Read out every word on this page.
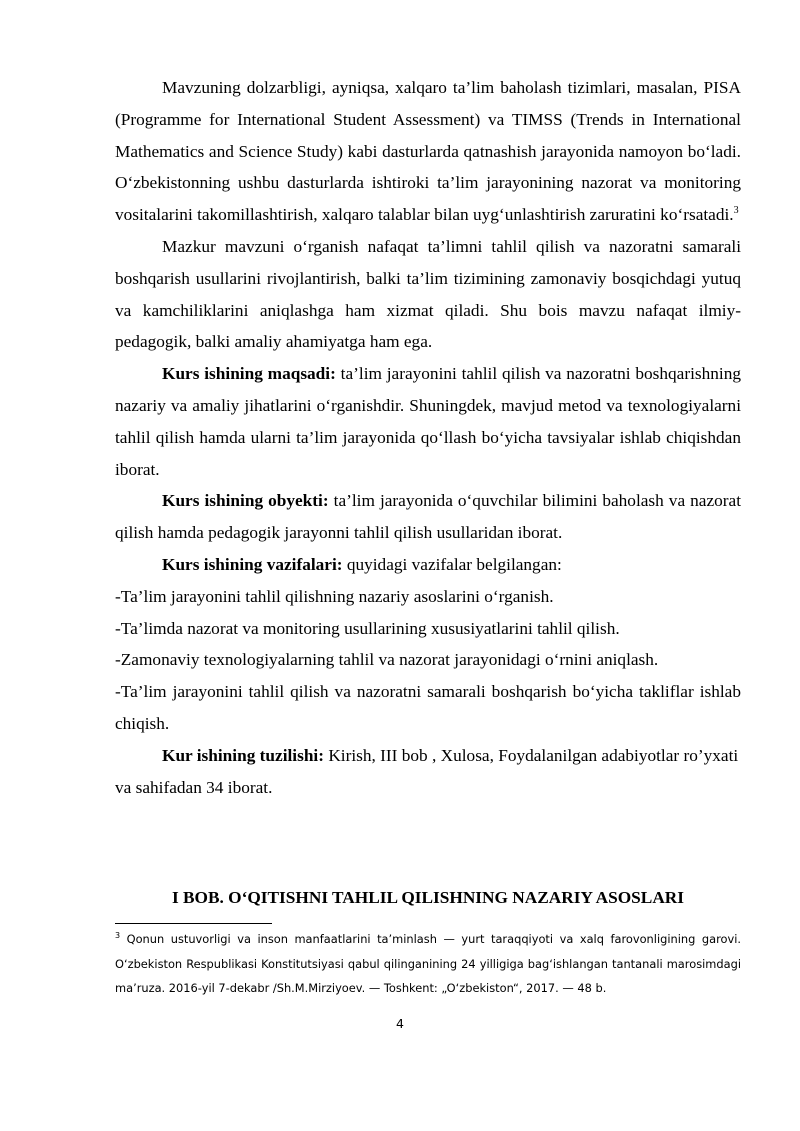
Mavzuning dolzarbligi, ayniqsa, xalqaro ta’lim baholash tizimlari, masalan, PISA (Programme for International Student Assessment) va TIMSS (Trends in International Mathematics and Science Study) kabi dasturlarda qatnashish jarayonida namoyon bo‘ladi. O‘zbekistonning ushbu dasturlarda ishtiroki ta’lim jarayonining nazorat va monitoring vositalarini takomillashtirish, xalqaro talablar bilan uyg‘unlashtirish zaruratini ko‘rsatadi.$^3$

Mazkur mavzuni o‘rganish nafaqat ta’limni tahlil qilish va nazoratni samarali boshqarish usullarini rivojlantirish, balki ta’lim tizimining zamonaviy bosqichdagi yutuq va kamchiliklarini aniqlashga ham xizmat qiladi. Shu bois mavzu nafaqat ilmiy-pedagogik, balki amaliy ahamiyatga ham ega.

Kurs ishining maqsadi: ta’lim jarayonini tahlil qilish va nazoratni boshqarishning nazariy va amaliy jihatlarini o‘rganishdir. Shuningdek, mavjud metod va texnologiyalarni tahlil qilish hamda ularni ta’lim jarayonida qo‘llash bo‘yicha tavsiyalar ishlab chiqishdan iborat.

Kurs ishining obyekti: ta’lim jarayonida o‘quvchilar bilimini baholash va nazorat qilish hamda pedagogik jarayonni tahlil qilish usullaridan iborat.

Kurs ishining vazifalari: quyidagi vazifalar belgilangan:

-Ta’lim jarayonini tahlil qilishning nazariy asoslarini o‘rganish.

-Ta’limda nazorat va monitoring usullarining xususiyatlarini tahlil qilish.

-Zamonaviy texnologiyalarning tahlil va nazorat jarayonidagi o‘rnini aniqlash.

-Ta’lim jarayonini tahlil qilish va nazoratni samarali boshqarish bo‘yicha takliflar ishlab chiqish.

Kur ishining tuzilishi: Kirish, III bob , Xulosa, Foydalanilgan adabiyotlar ro’yxati va sahifadan 34 iborat.

I BOB. O‘QITISHNI TAHLIL QILISHNING NAZARIY ASOSLARI
$^3$ Qonun ustuvorligi va inson manfaatlarini ta’minlash — yurt taraqqiyoti va xalq farovonligining garovi. O‘zbekiston Respublikasi Konstitutsiyasi qabul qilinganining 24 yilligiga bag‘ishlangan tantanali marosimdagi ma’ruza. 2016-yil 7-dekabr /Sh.M.Mirziyoev. — Toshkent: „O‘zbekiston“, 2017. — 48 b.
4
